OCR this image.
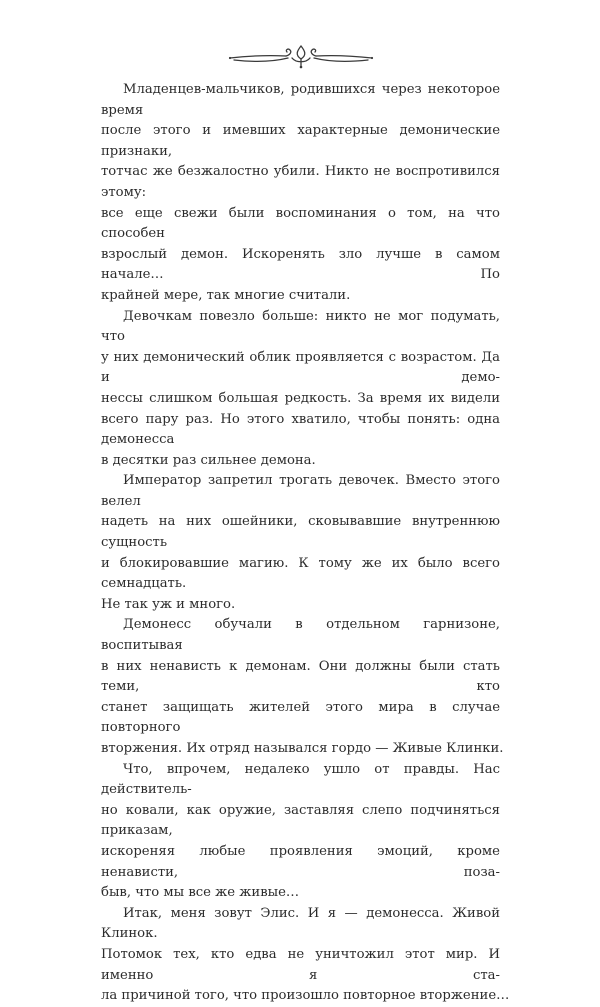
Младенцев-мальчиков, родившихся через некоторое время
после этого и имевших характерные демонические признаки,
тотчас же безжалостно убили. Никто не воспротивился этому:
все еще свежи были воспоминания о том, на что способен
взрослый демон. Искоренять зло лучше в самом начале… По
крайней мере, так многие считали.
Девочкам повезло больше: никто не мог подумать, что
у них демонический облик проявляется с возрастом. Да и демо-
нессы слишком большая редкость. За время их видели
всего пару раз. Но этого хватило, чтобы понять: одна демонесса
в десятки раз сильнее демона.
Император запретил трогать девочек. Вместо этого велел
надеть на них ошейники, сковывавшие внутреннюю сущность
и блокировавшие магию. К тому же их было всего семнадцать.
Не так уж и много.
Демонесс обучали в отдельном гарнизоне, воспитывая
в них ненависть к демонам. Они должны были стать теми, кто
станет защищать жителей этого мира в случае повторного
вторжения. Их отряд назывался гордо — Живые Клинки.
Что, впрочем, недалеко ушло от правды. Нас действитель-
но ковали, как оружие, заставляя слепо подчиняться приказам,
искореняя любые проявления эмоций, кроме ненависти, поза-
быв, что мы все же живые…
Итак, меня зовут Элис. И я — демонесса. Живой Клинок.
Потомок тех, кто едва не уничтожил этот мир. И именно я ста-
ла причиной того, что произошло повторное вторжение…
